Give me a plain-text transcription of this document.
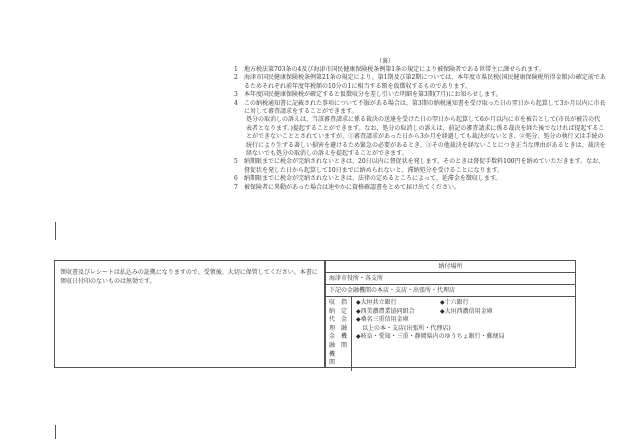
（裏）
1	地方税法第703条の4及び海津市国民健康保険税条例第1条の規定により被保険者である世帯主に課せられます。
2	海津市国民健康保険税条例第21条の規定により、第1期及び第2期については、本年度市県民税(国民健康保険税所得金額)の確定前であるためそれぞれ前年度年税額の10分の1に相当する額を仮徴収するものであります。
3	本年度国民健康保険税が確定すると仮徴収分を差し引いた明細を第3期(7月)にお知らせします。
4	この納税通知書に記載された事項について不服がある場合は、第3期の納税通知書を受け取った日の翌日から起算して3か月以内に市長に対して審査請求をすることができます。
処分の取消しの訴えは、当該審査請求に係る裁決の送達を受けた日の翌日から起算して6か月以内に市を被告として(市長が被告の代表者となります。)提起することができます。なお、処分の取消しの訴えは、前記の審査請求に係る裁決を経た後でなければ提起することができないこととされていますが、①審査請求があった日から3か月を経過しても裁決がないとき、②処分、処分の執行又は手続の続行により生ずる著しい損害を避けるため緊急の必要があるとき、③その他裁決を経ないことにつき正当な理由があるときは、裁決を経ないでも処分の取消しの訴えを提起することができます。
5	納期限までに税金が完納されないときは、20日以内に督促状を発します。そのときは督促手数料100円を納めていただきます。なお、督促状を発した日から起算して10日までに納められないと、滞納処分を受けることになります。
6	納期限までに税金が完納されないときは、法律の定めるところによって、延滞金を徴収します。
7	被保険者に異動があった場合は速やかに資格確認書をとめて届け出てください。
領収書及びレシートは払込みの証拠になりますので、受領後、大切に保管してください。本書に領収日付印のないものは無効です。
納付場所
海津市役所・各支所
下記の金融機関の本店・支店・出張所・代理店
収
納
代
理
金
融
機
関
指
定
金
融
機
関
◆大垣共立銀行	◆十六銀行
◆西美濃農業協同組合	◆大垣西濃信用金庫
◆桑名三重信用金庫
　以上の本・支店(出張所・代理店)
◆岐阜・愛知・三重・静岡県内のゆうちょ銀行・郵便局
